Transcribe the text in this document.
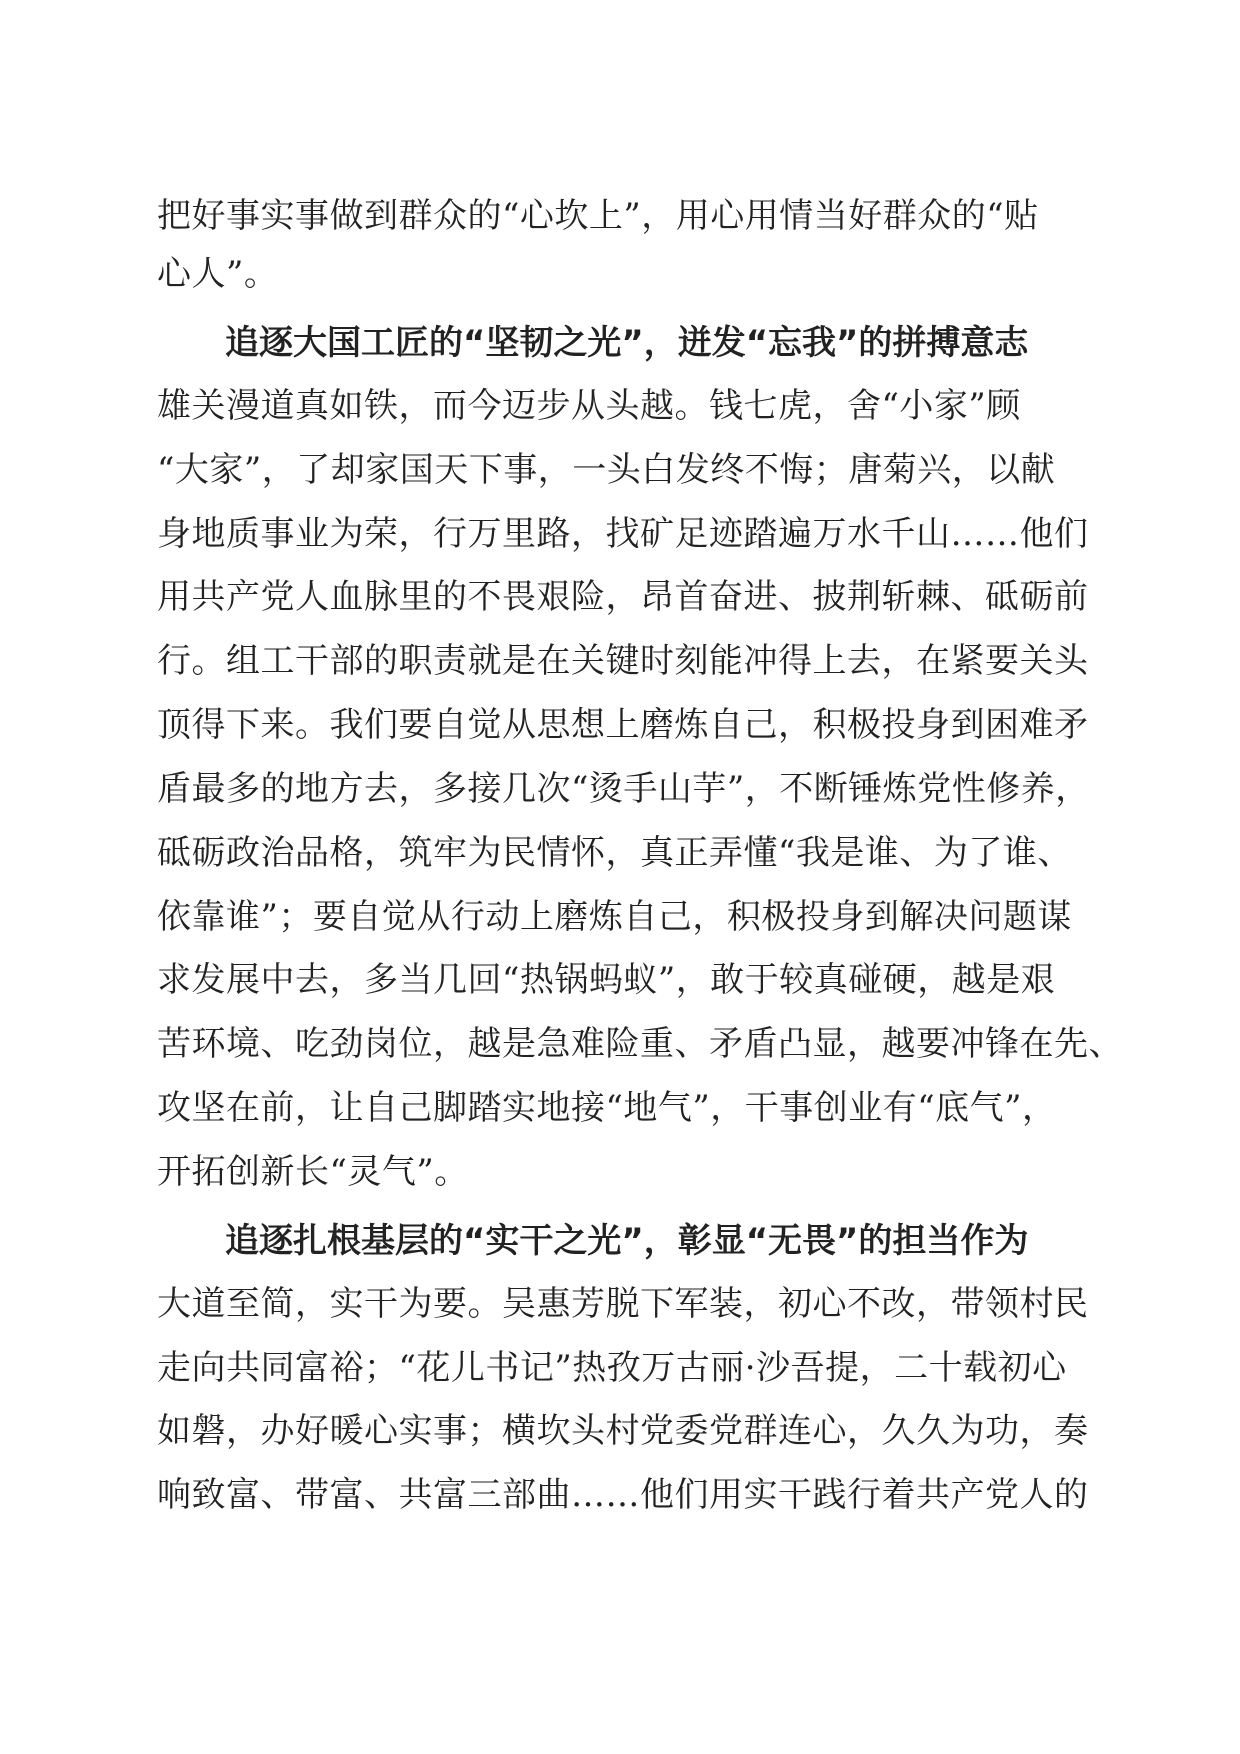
把好事实事做到群众的“心坎上”，用心用情当好群众的“贴
心人”。
追逐大国工匠的“坚韧之光”，迸发“忘我”的拼搏意志
雄关漫道真如铁，而今迈步从头越。钱七虎，舍“小家”顾
“大家”，了却家国天下事，一头白发终不悔；唐菊兴，以献
身地质事业为荣，行万里路，找矿足迹踏遍万水千山……他们
用共产党人血脉里的不畏艰险，昂首奋进、披荆斩棘、砥砺前
行。组工干部的职责就是在关键时刻能冲得上去，在紧要关头
顶得下来。我们要自觉从思想上磨炼自己，积极投身到困难矛
盾最多的地方去，多接几次“烫手山芋”，不断锤炼党性修养，
砥砺政治品格，筑牢为民情怀，真正弄懂“我是谁、为了谁、
依靠谁”；要自觉从行动上磨炼自己，积极投身到解决问题谋
求发展中去，多当几回“热锅蚂蚁”，敢于较真碰硬，越是艰
苦环境、吃劲岗位，越是急难险重、矛盾凸显，越要冲锋在先、
攻坚在前，让自己脚踏实地接“地气”，干事创业有“底气”，
开拓创新长“灵气”。
追逐扎根基层的“实干之光”，彰显“无畏”的担当作为
大道至简，实干为要。吴惠芳脱下军装，初心不改，带领村民
走向共同富裕；“花儿书记”热孜万古丽·沙吾提，二十载初心
如磐，办好暖心实事；横坎头村党委党群连心，久久为功，奏
响致富、带富、共富三部曲……他们用实干践行着共产党人的
